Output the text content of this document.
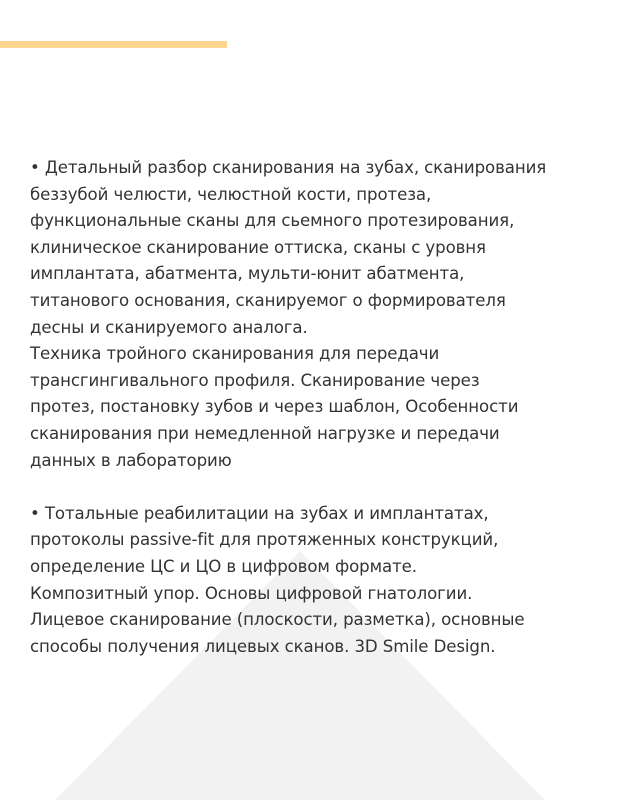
• Детальный разбор сканирования на зубах, сканирования
беззубой челюсти, челюстной кости, протеза,
функциональные сканы для сьемного протезирования,
клиническое сканирование оттиска, сканы с уровня
имплантата, абатмента, мульти-юнит абатмента,
титанового основания, сканируемог о формирователя
десны и сканируемого аналога.
Техника тройного сканирования для передачи
трансгингивального профиля. Сканирование через
протез, постановку зубов и через шаблон, Особенности
сканирования при немедленной нагрузке и передачи
данных в лабораторию

• Тотальные реабилитации на зубах и имплантатах,
протоколы passive-fit для протяженных конструкций,
определение ЦС и ЦО в цифровом формате.
Композитный упор. Основы цифровой гнатологии.
Лицевое сканирование (плоскости, разметка), основные
способы получения лицевых сканов. 3D Smile Design.
